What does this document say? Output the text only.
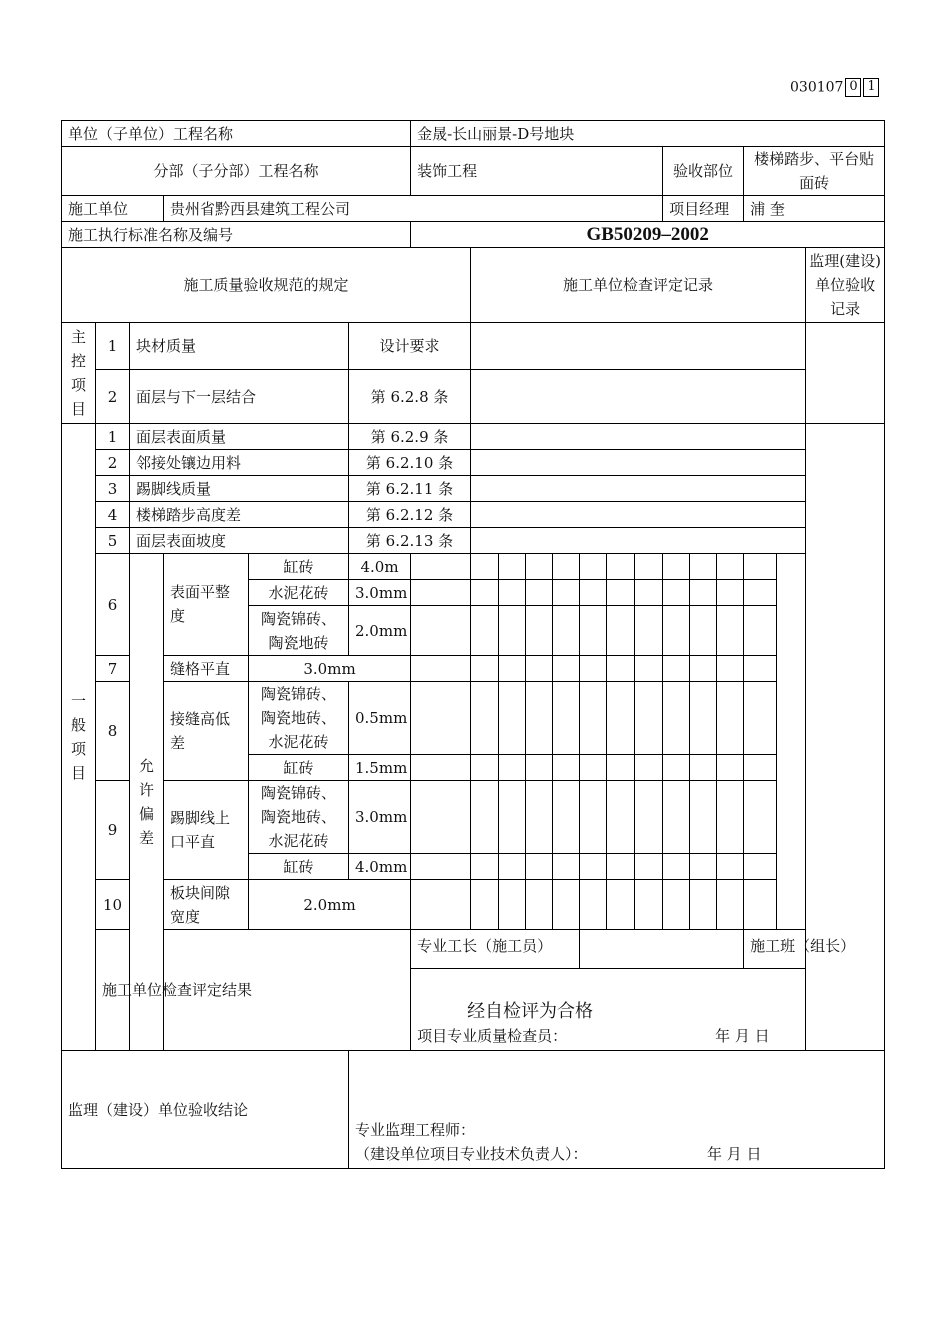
030107 0 1
单位（子单位）工程名称						金晟-长山丽景-D号地块													
分部（子分部）工程名称						装饰工程								验收部位			楼梯踏步、平台贴面砖		
施工单位			贵州省黔西县建筑工程公司											项目经理			浦 奎		
施工执行标准名称及编号						GB50209–2002													
施工质量验收规范的规定							施工单位检查评定记录											监理(建设)单位验收记录	
主控项目	1	块材质量			设计要求														
	2	面层与下一层结合			第 6.2.8 条														
一般项目	1	面层表面质量			第 6.2.9 条														
	2	邻接处镶边用料			第 6.2.10 条														
	3	踢脚线质量			第 6.2.11 条														
	4	楼梯踏步高度差			第 6.2.12 条														
	5	面层表面坡度			第 6.2.13 条														
	6	允许偏差	表面平整度	缸砖	4.0m														
				水泥花砖	3.0mm														
				陶瓷锦砖、陶瓷地砖	2.0mm														
	7		缝格平直	3.0mm															
	8		接缝高低差	陶瓷锦砖、陶瓷地砖、水泥花砖	0.5mm														
				缸砖	1.5mm														
	9		踢脚线上口平直	陶瓷锦砖、陶瓷地砖、水泥花砖	3.0mm														
				缸砖	4.0mm														
	10		板块间隙宽度	2.0mm															
	施工单位检查评定结果					专业工长（施工员）											施工班（组长）		

						经自检评为合格
项目专业质量检查员： 年 月 日													

监理（建设）单位验收结论					专业监理工程师：
（建设单位项目专业技术负责人）： 年 月 日														
